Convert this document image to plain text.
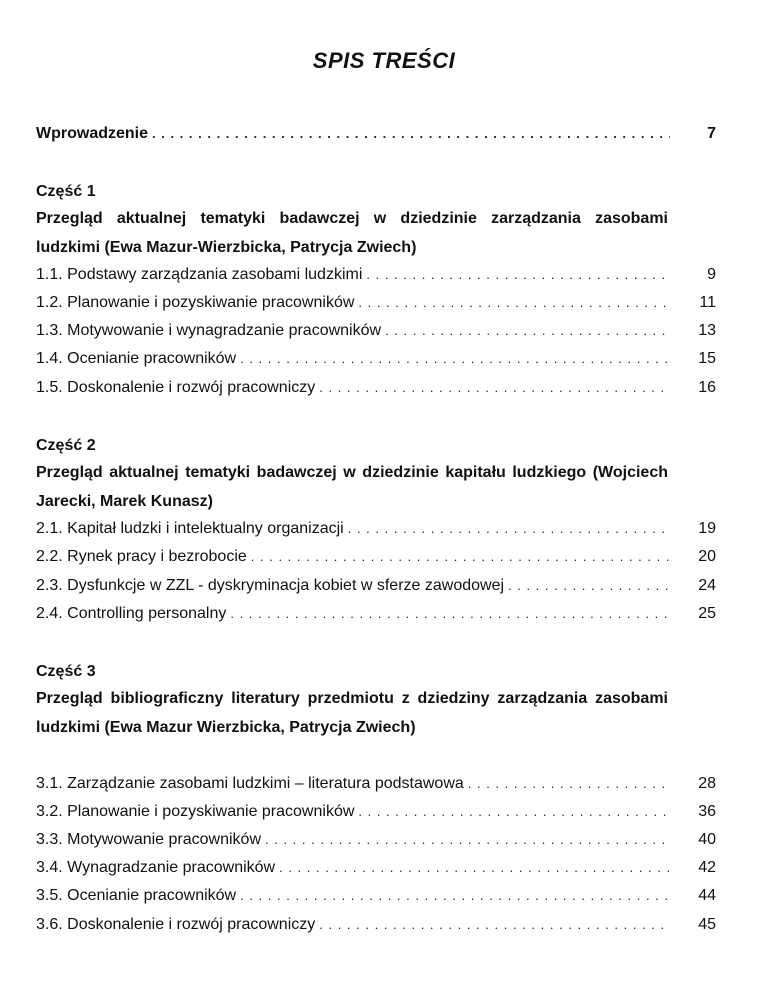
SPIS TREŚCI
Wprowadzenie . . .	7
Część 1
Przegląd aktualnej tematyki badawczej w dziedzinie zarządzania zasobami ludzkimi (Ewa Mazur-Wierzbicka, Patrycja Zwiech)
1.1. Podstawy zarządzania zasobami ludzkimi . . .	9
1.2. Planowanie i pozyskiwanie pracowników . . .	11
1.3. Motywowanie i wynagradzanie pracowników . . .	13
1.4. Ocenianie pracowników . . .	15
1.5. Doskonalenie i rozwój pracowniczy . . .	16
Część 2
Przegląd aktualnej tematyki badawczej w dziedzinie kapitału ludzkiego (Wojciech Jarecki, Marek Kunasz)
2.1. Kapitał ludzki i intelektualny organizacji . . .	19
2.2. Rynek pracy i bezrobocie . . .	20
2.3. Dysfunkcje w ZZL - dyskryminacja kobiet w sferze zawodowej . . .	24
2.4. Controlling personalny . . .	25
Część 3
Przegląd bibliograficzny literatury przedmiotu z dziedziny zarządzania zasobami ludzkimi (Ewa Mazur Wierzbicka, Patrycja Zwiech)
3.1. Zarządzanie zasobami ludzkimi – literatura podstawowa . . .	28
3.2. Planowanie i pozyskiwanie pracowników . . .	36
3.3. Motywowanie pracowników . . .	40
3.4. Wynagradzanie pracowników . . .	42
3.5. Ocenianie pracowników . . .	44
3.6. Doskonalenie i rozwój pracowniczy . . .	45
